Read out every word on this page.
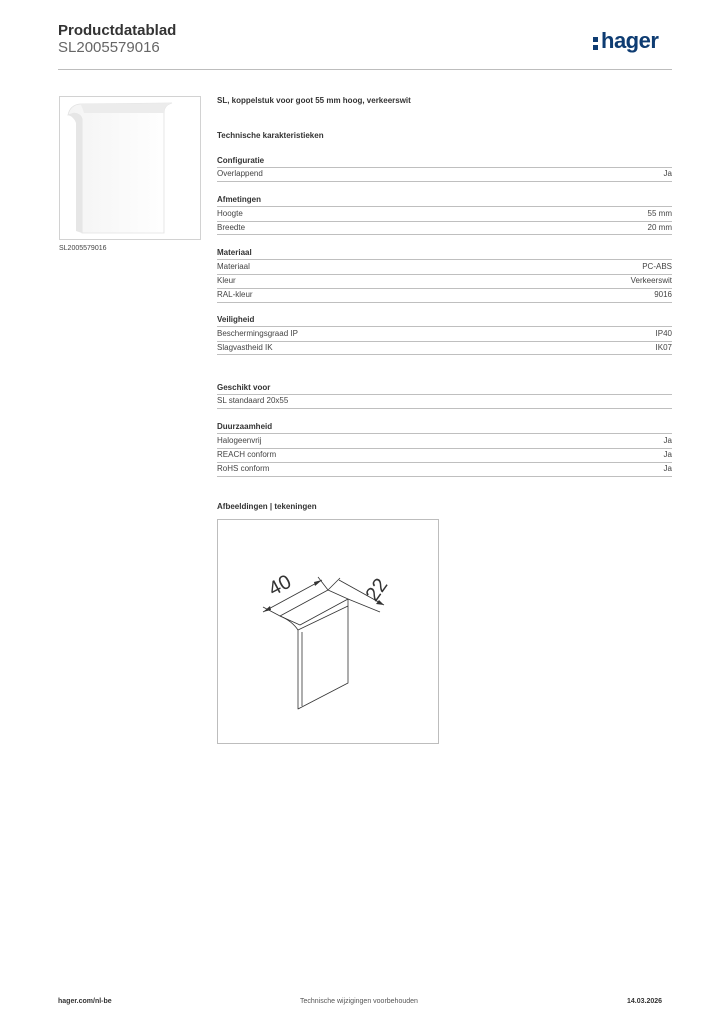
Productdatablad
SL2005579016	hager
SL2005579016
SL, koppelstuk voor goot 55 mm hoog, verkeerswit
Technische karakteristieken
Configuratie
Overlappend	Ja
Afmetingen
Hoogte	55 mm
Breedte	20 mm
Materiaal
Materiaal	PC-ABS
Kleur	Verkeerswit
RAL-kleur	9016
Veiligheid
Beschermingsgraad IP	IP40
Slagvastheid IK	IK07
Geschikt voor
SL standaard 20x55
Duurzaamheid
Halogeenvrij	Ja
REACH conform	Ja
RoHS conform	Ja
Afbeeldingen | tekeningen
40	22
hager.com/nl-be	Technische wijzigingen voorbehouden	14.03.2026
